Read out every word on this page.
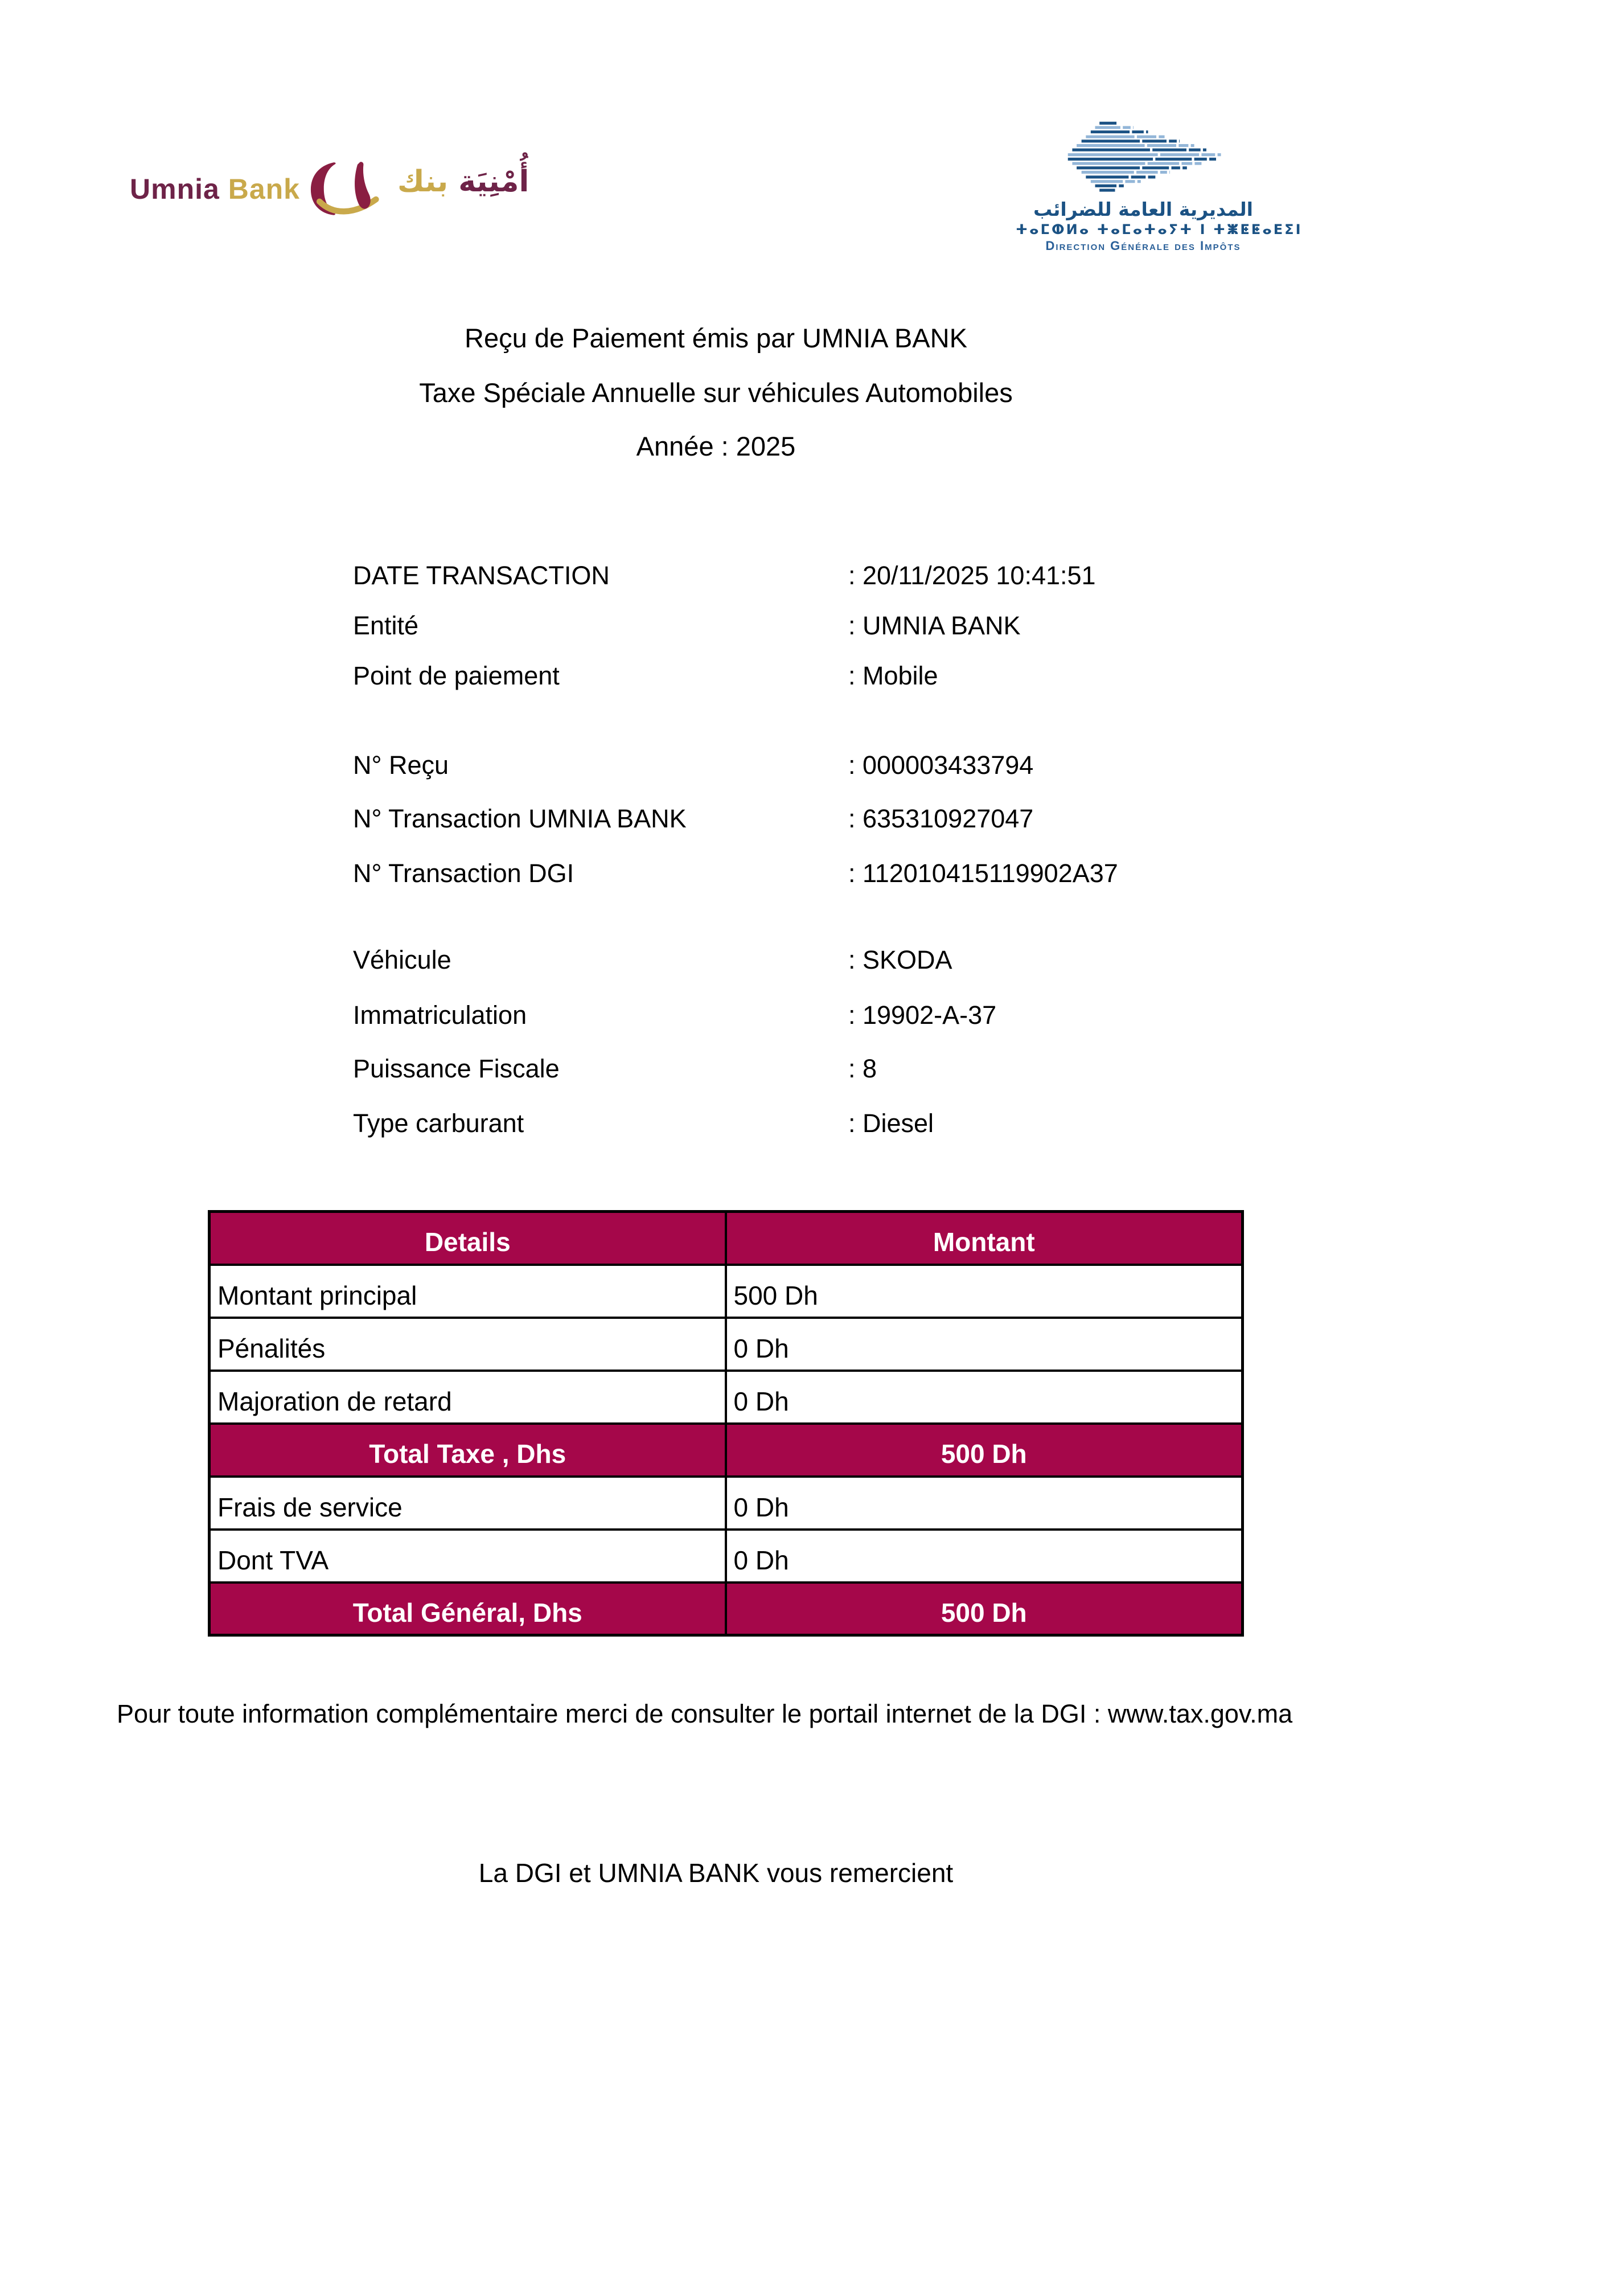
Umnia Bank	أُمْنِيَة بنك
المديرية العامة للضرائب
ⵜⴰⵎⵀⵍⴰ ⵜⴰⵎⴰⵜⴰⵢⵜ ⵏ ⵜⵥⵟⵟⴰⴹⵉⵏ
Direction Générale des Impôts
Reçu de Paiement émis par UMNIA BANK
Taxe Spéciale Annuelle sur véhicules Automobiles
Année : 2025
DATE TRANSACTION	: 20/11/2025 10:41:51
Entité	: UMNIA BANK
Point de paiement	: Mobile
N° Reçu	: 000003433794
N° Transaction UMNIA BANK	: 635310927047
N° Transaction DGI	: 112010415119902A37
Véhicule	: SKODA
Immatriculation	: 19902-A-37
Puissance Fiscale	: 8
Type carburant	: Diesel
Details	Montant
Montant principal	500 Dh
Pénalités	0 Dh
Majoration de retard	0 Dh
Total Taxe , Dhs	500 Dh
Frais de service	0 Dh
Dont TVA	0 Dh
Total Général, Dhs	500 Dh
Pour toute information complémentaire merci de consulter le portail internet de la DGI : www.tax.gov.ma
La DGI et UMNIA BANK vous remercient
